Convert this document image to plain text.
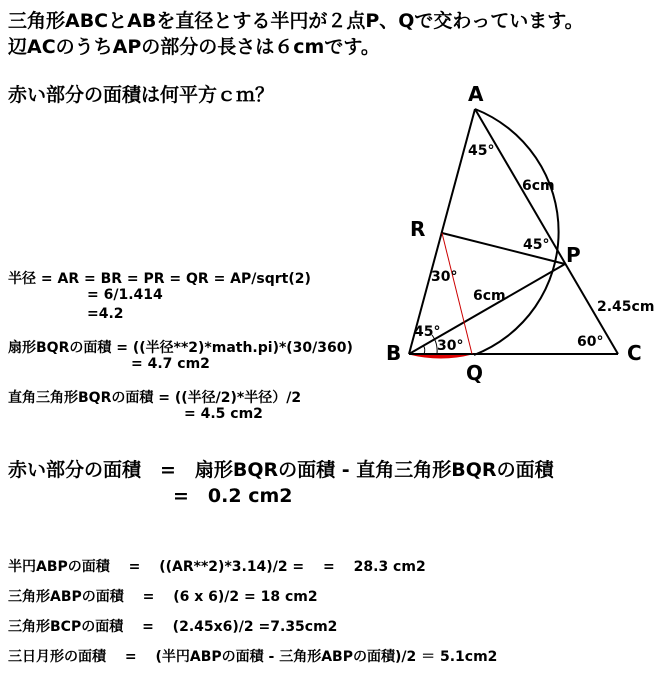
三角形ABCとABを直径とする半円が２点P、Qで交わっています。
辺ACのうちAPの部分の長さは６cmです。
赤い部分の面積は何平方ｃｍ？
半径 = AR = BR = PR = QR = AP/sqrt(2)
= 6/1.414
=4.2
扇形BQRの面積 = ((半径**2)*math.pi)*(30/360)
= 4.7 cm2
直角三角形BQRの面積 = ((半径/2)*半径）/2
= 4.5 cm2
赤い部分の面積　=　扇形BQRの面積 - 直角三角形BQRの面積
=　0.2 cm2
半円ABPの面積　 =　 ((AR**2)*3.14)/2 =　 =　 28.3 cm2
三角形ABPの面積　 =　 (6 x 6)/2 = 18 cm2
三角形BCPの面積　 =　 (2.45x6)/2 =7.35cm2
三日月形の面積　 =　 (半円ABPの面積 - 三角形ABPの面積)/2 ＝ 5.1cm2
A
R
P
B	C
Q
45°
45°
30°
45°
30°	60°
6cm
2.45cm
6cm
